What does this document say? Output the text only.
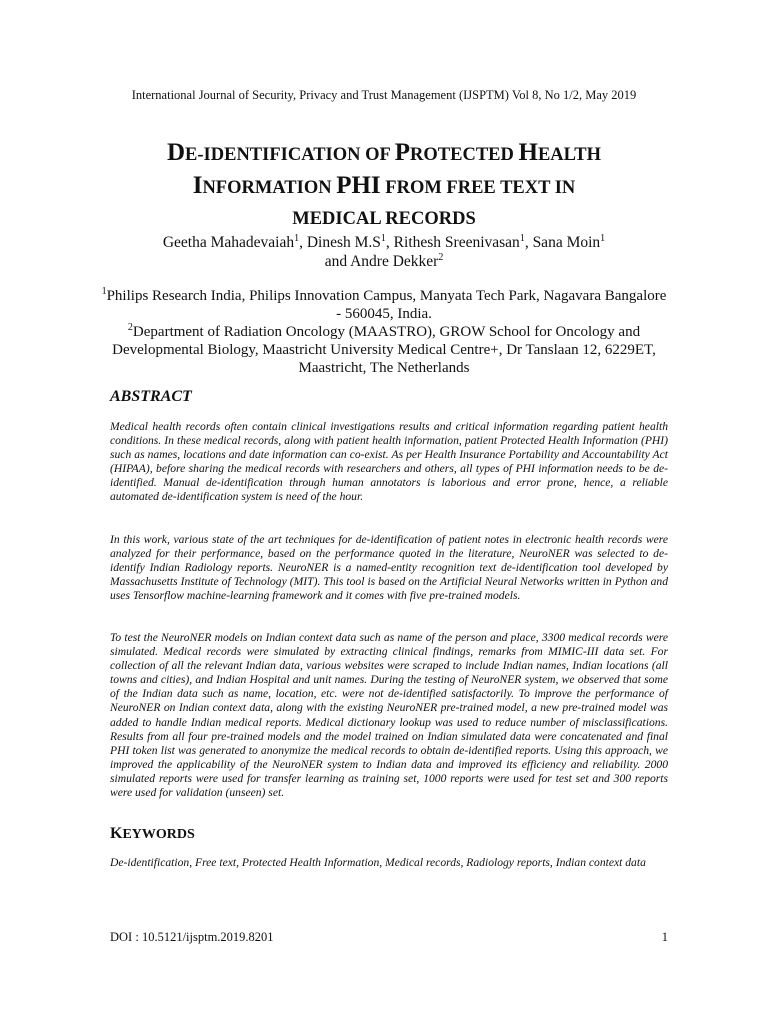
International Journal of Security, Privacy and Trust Management (IJSPTM) Vol 8, No 1/2, May 2019
DE-IDENTIFICATION OF PROTECTED HEALTH
INFORMATION PHI FROM FREE TEXT IN
MEDICAL RECORDS
Geetha Mahadevaiah$^1$, Dinesh $M.S^1$, Rithesh Sreenivasan$^1$, Sana Moin$^1$
and Andre Dekker$^2$
$^1$Philips Research India, Philips Innovation Campus, Manyata Tech Park, Nagavara Bangalore - 560045, India.
$^2$Department of Radiation Oncology (MAASTRO), GROW School for Oncology and Developmental Biology, Maastricht University Medical Centre+, Dr Tanslaan 12, 6229ET, Maastricht, The Netherlands
ABSTRACT
Medical health records often contain clinical investigations results and critical information regarding patient health conditions. In these medical records, along with patient health information, patient Protected Health Information (PHI) such as names, locations and date information can co-exist. As per Health Insurance Portability and Accountability Act (HIPAA), before sharing the medical records with researchers and others, all types of PHI information needs to be de-identified. Manual de-identification through human annotators is laborious and error prone, hence, a reliable automated de-identification system is need of the hour.
In this work, various state of the art techniques for de-identification of patient notes in electronic health records were analyzed for their performance, based on the performance quoted in the literature, NeuroNER was selected to de-identify Indian Radiology reports. NeuroNER is a named-entity recognition text de-identification tool developed by Massachusetts Institute of Technology (MIT). This tool is based on the Artificial Neural Networks written in Python and uses Tensorflow machine-learning framework and it comes with five pre-trained models.
To test the NeuroNER models on Indian context data such as name of the person and place, 3300 medical records were simulated. Medical records were simulated by extracting clinical findings, remarks from MIMIC-III data set. For collection of all the relevant Indian data, various websites were scraped to include Indian names, Indian locations (all towns and cities), and Indian Hospital and unit names. During the testing of NeuroNER system, we observed that some of the Indian data such as name, location, etc. were not de-identified satisfactorily. To improve the performance of NeuroNER on Indian context data, along with the existing NeuroNER pre-trained model, a new pre-trained model was added to handle Indian medical reports. Medical dictionary lookup was used to reduce number of misclassifications. Results from all four pre-trained models and the model trained on Indian simulated data were concatenated and final PHI token list was generated to anonymize the medical records to obtain de-identified reports. Using this approach, we improved the applicability of the NeuroNER system to Indian data and improved its efficiency and reliability. 2000 simulated reports were used for transfer learning as training set, 1000 reports were used for test set and 300 reports were used for validation (unseen) set.
KEYWORDS
De-identification, Free text, Protected Health Information, Medical records, Radiology reports, Indian context data
DOI : 10.5121/ijsptm.2019.8201	1
